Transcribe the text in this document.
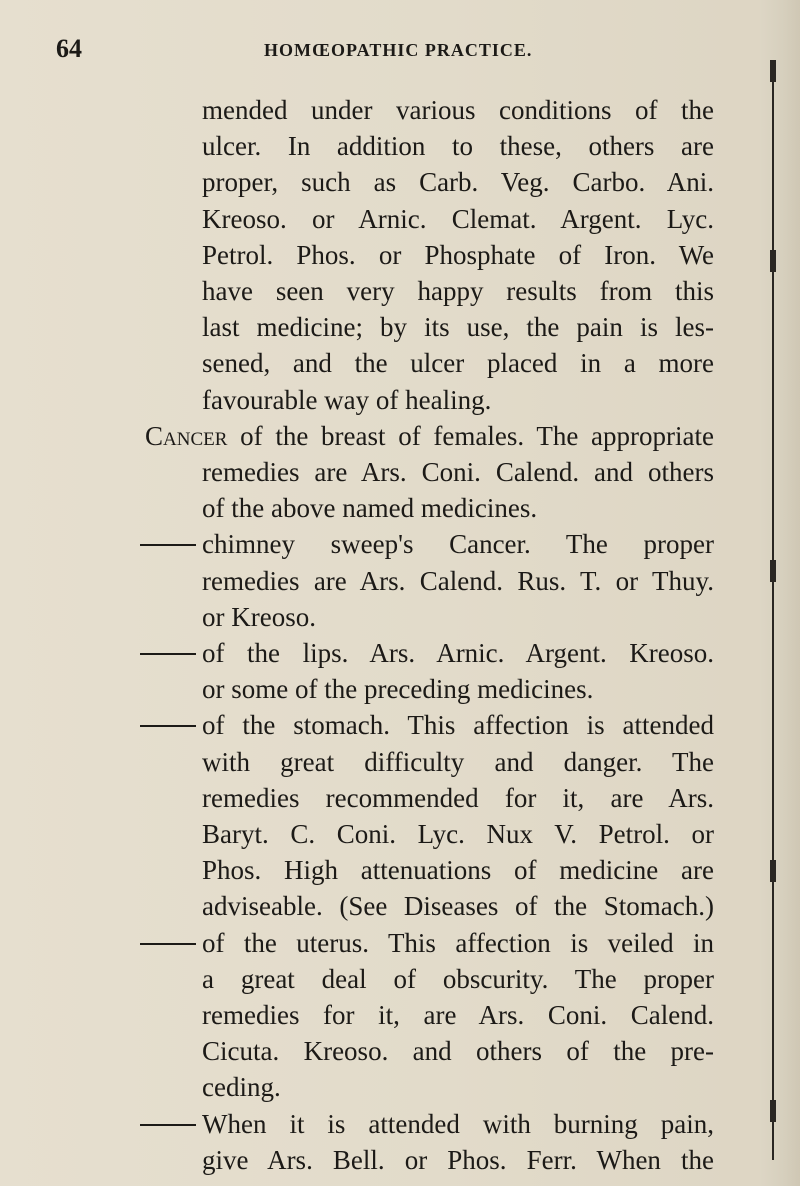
64	HOMŒOPATHIC PRACTICE.
mended under various conditions of the
ulcer. In addition to these, others are
proper, such as Carb. Veg. Carbo. Ani.
Kreoso. or Arnic. Clemat. Argent. Lyc.
Petrol. Phos. or Phosphate of Iron. We
have seen very happy results from this
last medicine; by its use, the pain is les-
sened, and the ulcer placed in a more
favourable way of healing.
Cancer of the breast of females. The appropriate
remedies are Ars. Coni. Calend. and others
of the above named medicines.
chimney sweep's Cancer. The proper
remedies are Ars. Calend. Rus. T. or Thuy.
or Kreoso.
of the lips. Ars. Arnic. Argent. Kreoso.
or some of the preceding medicines.
of the stomach. This affection is attended
with great difficulty and danger. The
remedies recommended for it, are Ars.
Baryt. C. Coni. Lyc. Nux V. Petrol. or
Phos. High attenuations of medicine are
adviseable. (See Diseases of the Stomach.)
of the uterus. This affection is veiled in
a great deal of obscurity. The proper
remedies for it, are Ars. Coni. Calend.
Cicuta. Kreoso. and others of the pre-
ceding.
When it is attended with burning pain,
give Ars. Bell. or Phos. Ferr. When the
